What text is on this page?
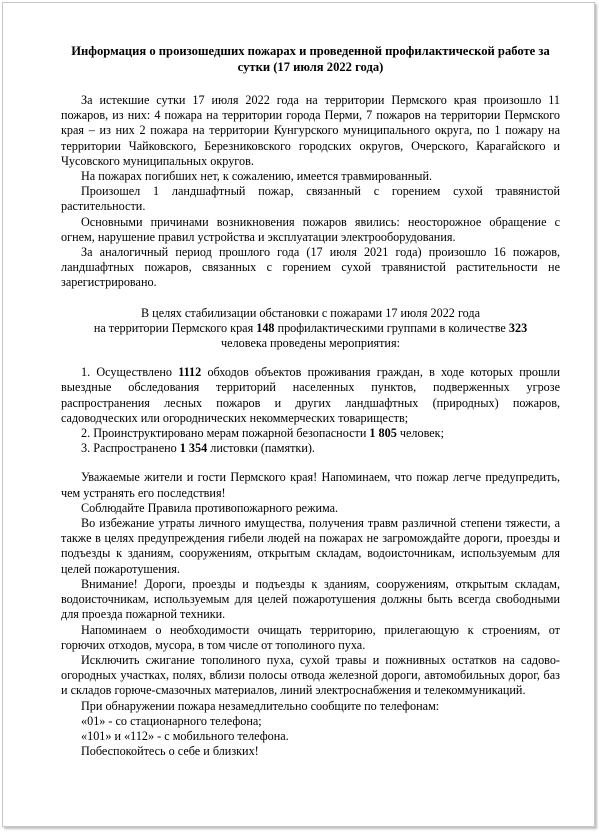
Информация о произошедших пожарах и проведенной профилактической работе за сутки (17 июля 2022 года)

За истекшие сутки 17 июля 2022 года на территории Пермского края произошло 11 пожаров, из них: 4 пожара на территории города Перми, 7 пожаров на территории Пермского края – из них 2 пожара на территории Кунгурского муниципального округа, по 1 пожару на территории Чайковского, Березниковского городских округов, Очерского, Карагайского и Чусовского муниципальных округов.

На пожарах погибших нет, к сожалению, имеется травмированный.

Произошел 1 ландшафтный пожар, связанный с горением сухой травянистой растительности.

Основными причинами возникновения пожаров явились: неосторожное обращение с огнем, нарушение правил устройства и эксплуатации электрооборудования.

За аналогичный период прошлого года (17 июля 2021 года) произошло 16 пожаров, ландшафтных пожаров, связанных с горением сухой травянистой растительности не зарегистрировано.

В целях стабилизации обстановки с пожарами 17 июля 2022 года

на территории Пермского края 148 профилактическими группами в количестве 323

человека проведены мероприятия:

1. Осуществлено 1112 обходов объектов проживания граждан, в ходе которых прошли выездные обследования территорий населенных пунктов, подверженных угрозе распространения лесных пожаров и других ландшафтных (природных) пожаров, садоводческих или огороднических некоммерческих товариществ;

2. Проинструктировано мерам пожарной безопасности 1 805 человек;

3. Распространено 1 354 листовки (памятки).

Уважаемые жители и гости Пермского края! Напоминаем, что пожар легче предупредить, чем устранять его последствия!

Соблюдайте Правила противопожарного режима.

Во избежание утраты личного имущества, получения травм различной степени тяжести, а также в целях предупреждения гибели людей на пожарах не загромождайте дороги, проезды и подъезды к зданиям, сооружениям, открытым складам, водоисточникам, используемым для целей пожаротушения.

Внимание! Дороги, проезды и подъезды к зданиям, сооружениям, открытым складам, водоисточникам, используемым для целей пожаротушения должны быть всегда свободными для проезда пожарной техники.

Напоминаем о необходимости очищать территорию, прилегающую к строениям, от горючих отходов, мусора, в том числе от тополиного пуха.

Исключить сжигание тополиного пуха, сухой травы и пожнивных остатков на садово-огородных участках, полях, вблизи полосы отвода железной дороги, автомобильных дорог, баз и складов горюче-смазочных материалов, линий электроснабжения и телекоммуникаций.

При обнаружении пожара незамедлительно сообщите по телефонам:

«01» - со стационарного телефона;

«101» и «112» - с мобильного телефона.

Побеспокойтесь о себе и близких!
